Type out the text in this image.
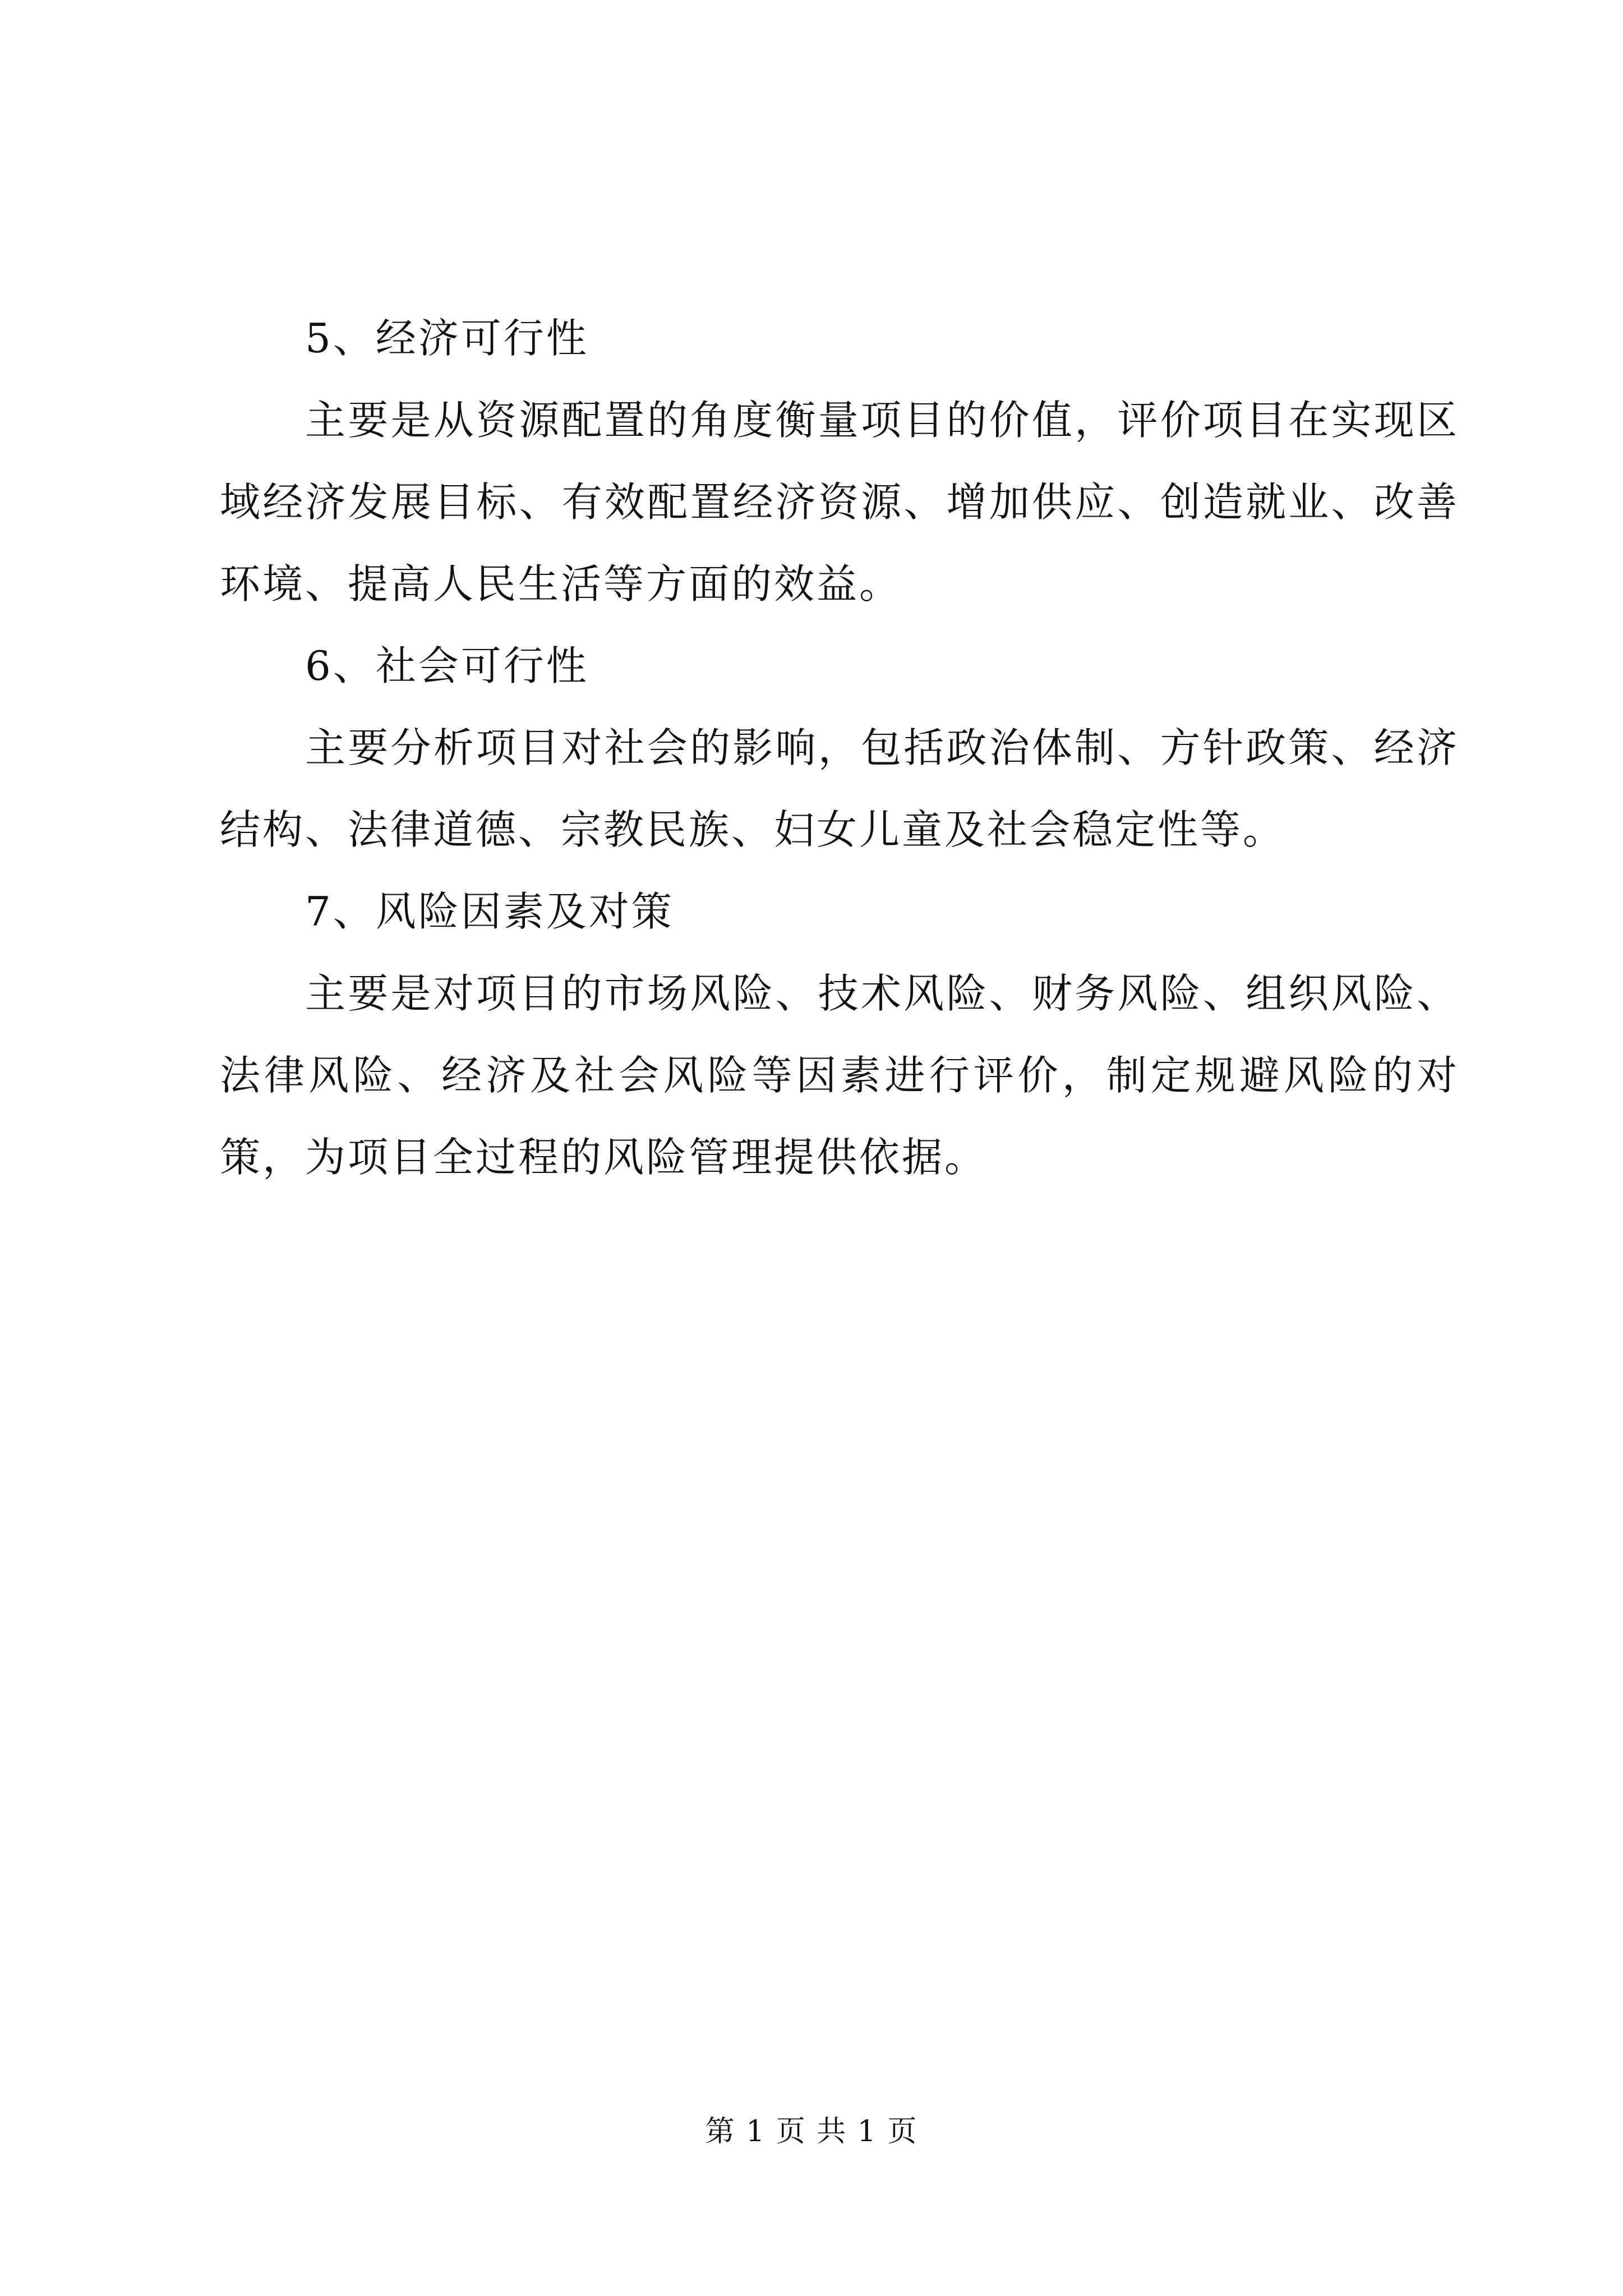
5、经济可行性

主要是从资源配置的角度衡量项目的价值，评价项目在实现区域经济发展目标、有效配置经济资源、增加供应、创造就业、改善环境、提高人民生活等方面的效益。

6、社会可行性

主要分析项目对社会的影响，包括政治体制、方针政策、经济结构、法律道德、宗教民族、妇女儿童及社会稳定性等。

7、风险因素及对策

主要是对项目的市场风险、技术风险、财务风险、组织风险、法律风险、经济及社会风险等因素进行评价，制定规避风险的对策，为项目全过程的风险管理提供依据。

第 1 页 共 1 页
